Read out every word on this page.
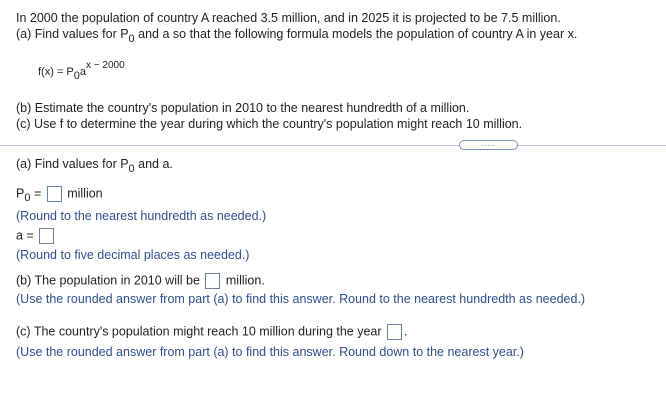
In 2000 the population of country A reached 3.5 million, and in 2025 it is projected to be 7.5 million.
(a) Find values for P0 and a so that the following formula models the population of country A in year x.
f(x) = P0ax − 2000
(b) Estimate the country's population in 2010 to the nearest hundredth of a million.
(c) Use f to determine the year during which the country's population might reach 10 million.
.....
(a) Find values for P0 and a.
P0 =  million
(Round to the nearest hundredth as needed.)
a =
(Round to five decimal places as needed.)
(b) The population in 2010 will be million.
(Use the rounded answer from part (a) to find this answer. Round to the nearest hundredth as needed.)
(c) The country's population might reach 10 million during the year .
(Use the rounded answer from part (a) to find this answer. Round down to the nearest year.)
